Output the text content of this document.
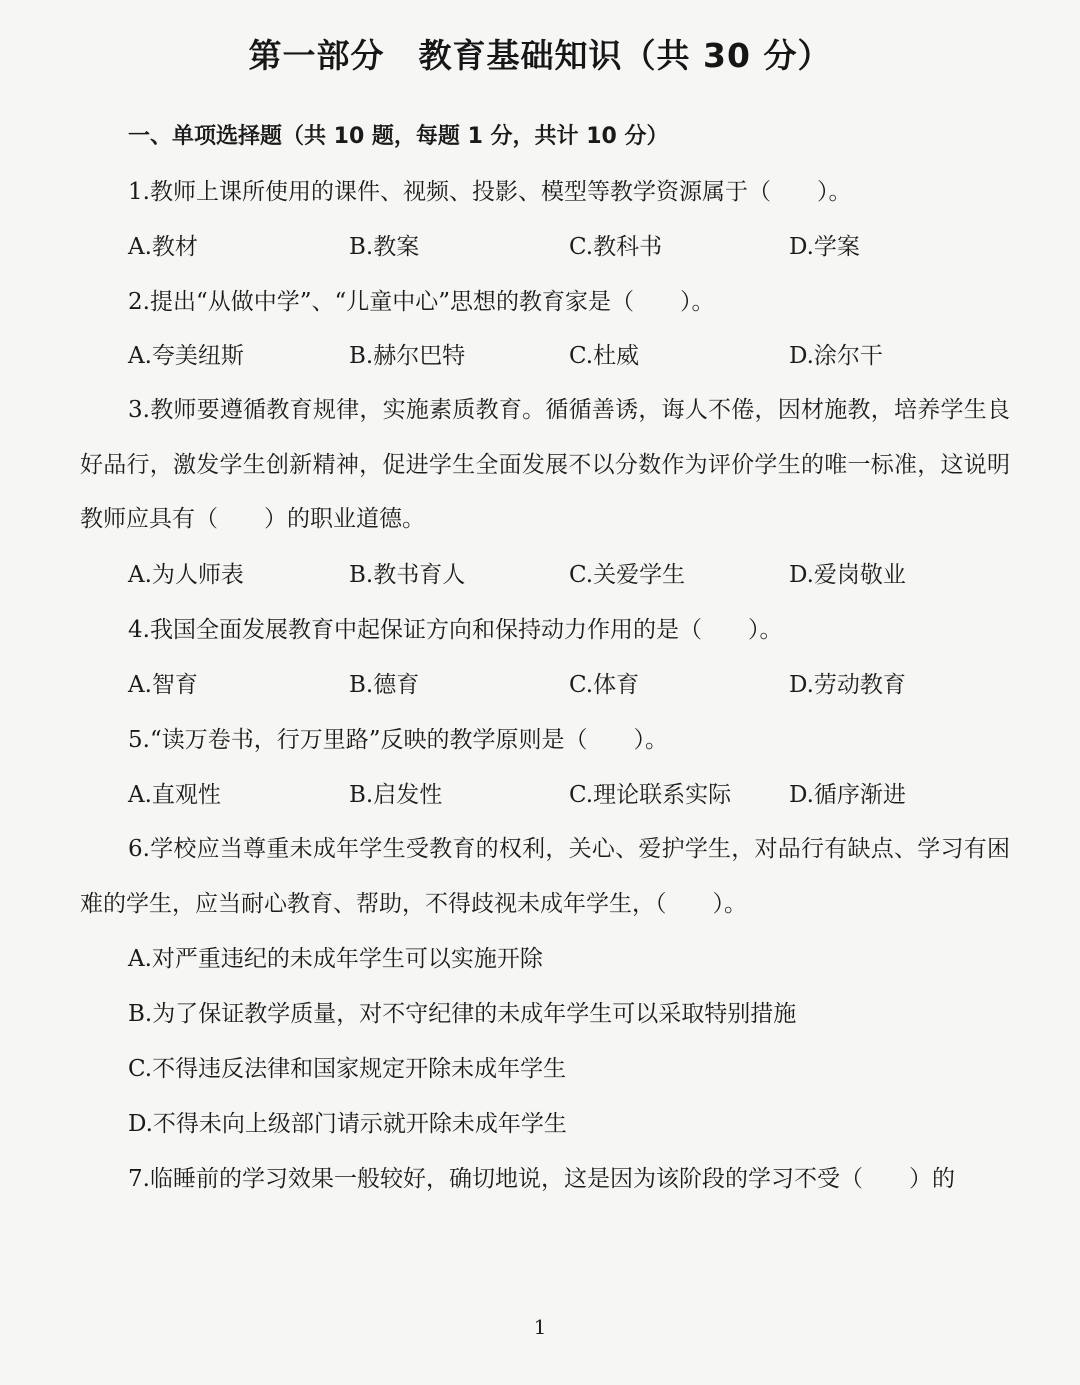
第一部分 教育基础知识（共 30 分）
一、单项选择题（共 10 题，每题 1 分，共计 10 分）
1.教师上课所使用的课件、视频、投影、模型等教学资源属于（　　）。
A.教材	B.教案	C.教科书	D.学案
2.提出“从做中学”、“儿童中心”思想的教育家是（　　）。
A.夸美纽斯	B.赫尔巴特	C.杜威	D.涂尔干
3.教师要遵循教育规律，实施素质教育。循循善诱，诲人不倦，因材施教，培养学生良好品行，激发学生创新精神，促进学生全面发展不以分数作为评价学生的唯一标准，这说明教师应具有（　　）的职业道德。
A.为人师表	B.教书育人	C.关爱学生	D.爱岗敬业
4.我国全面发展教育中起保证方向和保持动力作用的是（　　）。
A.智育	B.德育	C.体育	D.劳动教育
5.“读万卷书，行万里路”反映的教学原则是（　　）。
A.直观性	B.启发性	C.理论联系实际	D.循序渐进
6.学校应当尊重未成年学生受教育的权利，关心、爱护学生，对品行有缺点、学习有困难的学生，应当耐心教育、帮助，不得歧视未成年学生，（　　）。
A.对严重违纪的未成年学生可以实施开除
B.为了保证教学质量，对不守纪律的未成年学生可以采取特别措施
C.不得违反法律和国家规定开除未成年学生
D.不得未向上级部门请示就开除未成年学生
7.临睡前的学习效果一般较好，确切地说，这是因为该阶段的学习不受（　　）的
1
